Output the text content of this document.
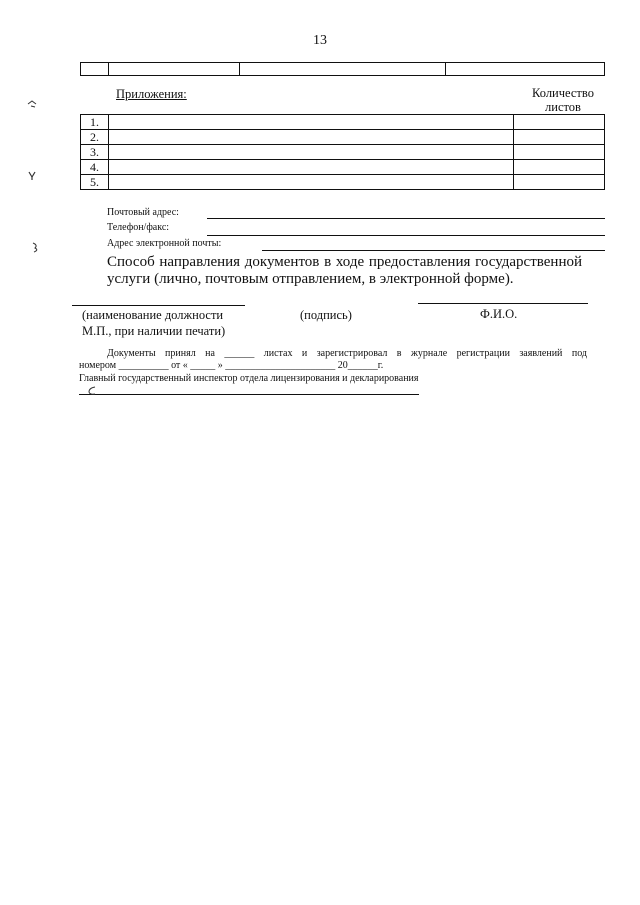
13
Приложения:	Количество листов
1.		
2.		
3.		
4.		
5.		
Почтовый адрес:
Телефон/факс:
Адрес электронной почты:
Способ направления документов в ходе предоставления государственной услуги (лично, почтовым отправлением, в электронной форме).
(наименование должности
М.П., при наличии печати)
(подпись)	Ф.И.О.
Документы принял на ______ листах и зарегистрировал в журнале регистрации заявлений под
номером __________ от « _____ » ______________________ 20______г.
Главный государственный инспектор отдела лицензирования и декларирования
